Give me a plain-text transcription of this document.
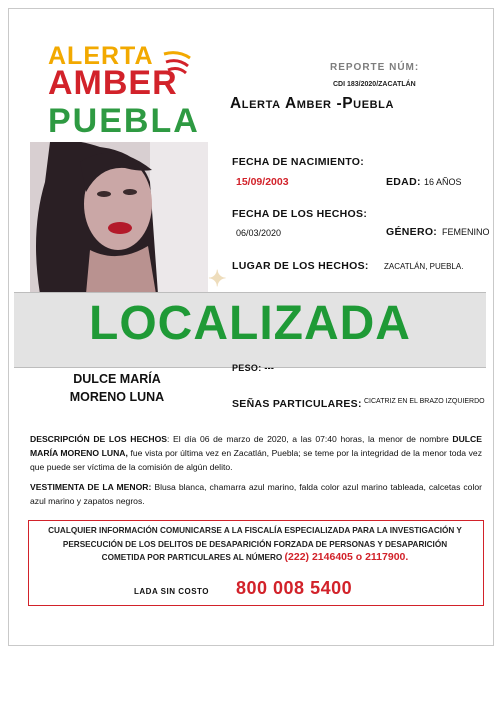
ALERTA
AMBER
PUEBLA
REPORTE NÚM:
CDI 183/2020/ZACATLÁN
Alerta Amber -Puebla
FECHA DE NACIMIENTO:
15/09/2003	EDAD: 16 AÑOS
FECHA DE LOS HECHOS:
06/03/2020	GÉNERO: FEMENINO
LUGAR DE LOS HECHOS: ZACATLÁN, PUEBLA.
✦
LOCALIZADA
PESO: ---
DULCE MARÍA
MORENO LUNA	SEÑAS PARTICULARES: CICATRIZ EN EL BRAZO IZQUIERDO
DESCRIPCIÓN DE LOS HECHOS: El día 06 de marzo de 2020, a las 07:40 horas, la menor de nombre DULCE MARÍA MORENO LUNA, fue vista por última vez en Zacatlán, Puebla; se teme por la integridad de la menor toda vez que puede ser víctima de la comisión de algún delito.
VESTIMENTA DE LA MENOR: Blusa blanca, chamarra azul marino, falda color azul marino tableada, calcetas color azul marino y zapatos negros.
CUALQUIER INFORMACIÓN COMUNICARSE A LA FISCALÍA ESPECIALIZADA PARA LA INVESTIGACIÓN Y PERSECUCIÓN DE LOS DELITOS DE DESAPARICIÓN FORZADA DE PERSONAS Y DESAPARICIÓN COMETIDA POR PARTICULARES AL NÚMERO (222) 2146405 o 2117900.
LADA SIN COSTO 800 008 5400
